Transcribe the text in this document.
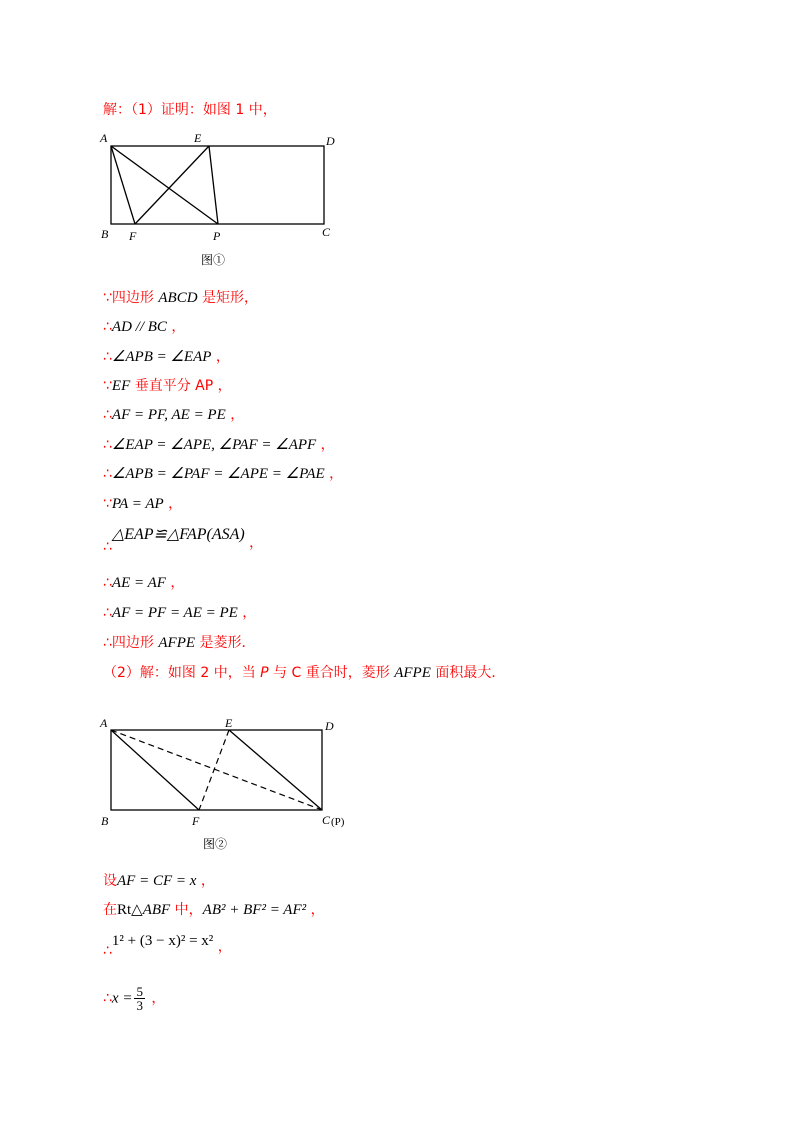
解：（1）证明：如图 1 中，
A	E	D
B F	P	C
图①
∵四边形 ABCD 是矩形，
∴AD // BC ，
∴∠APB = ∠EAP ，
∵EF 垂直平分 AP ，
∴AF = PF, AE = PE ，
∴∠EAP = ∠APE, ∠PAF = ∠APF ，
∴∠APB = ∠PAF = ∠APE = ∠PAE ，
∵PA = AP ，
∴△EAP≌△FAP(ASA) ，
∴AE = AF ，
∴AF = PF = AE = PE ，
∴四边形 AFPE 是菱形．
（2）解：如图 2 中，当 P 与 C 重合时，菱形 AFPE 面积最大．
A	E	D
B	F	C (P)
图②
设AF = CF = x ，
在Rt△ABF 中，AB² + BF² = AF² ，
∴1² + (3 − x)² = x² ，
∴x = $\frac{5}{3}$ ，
